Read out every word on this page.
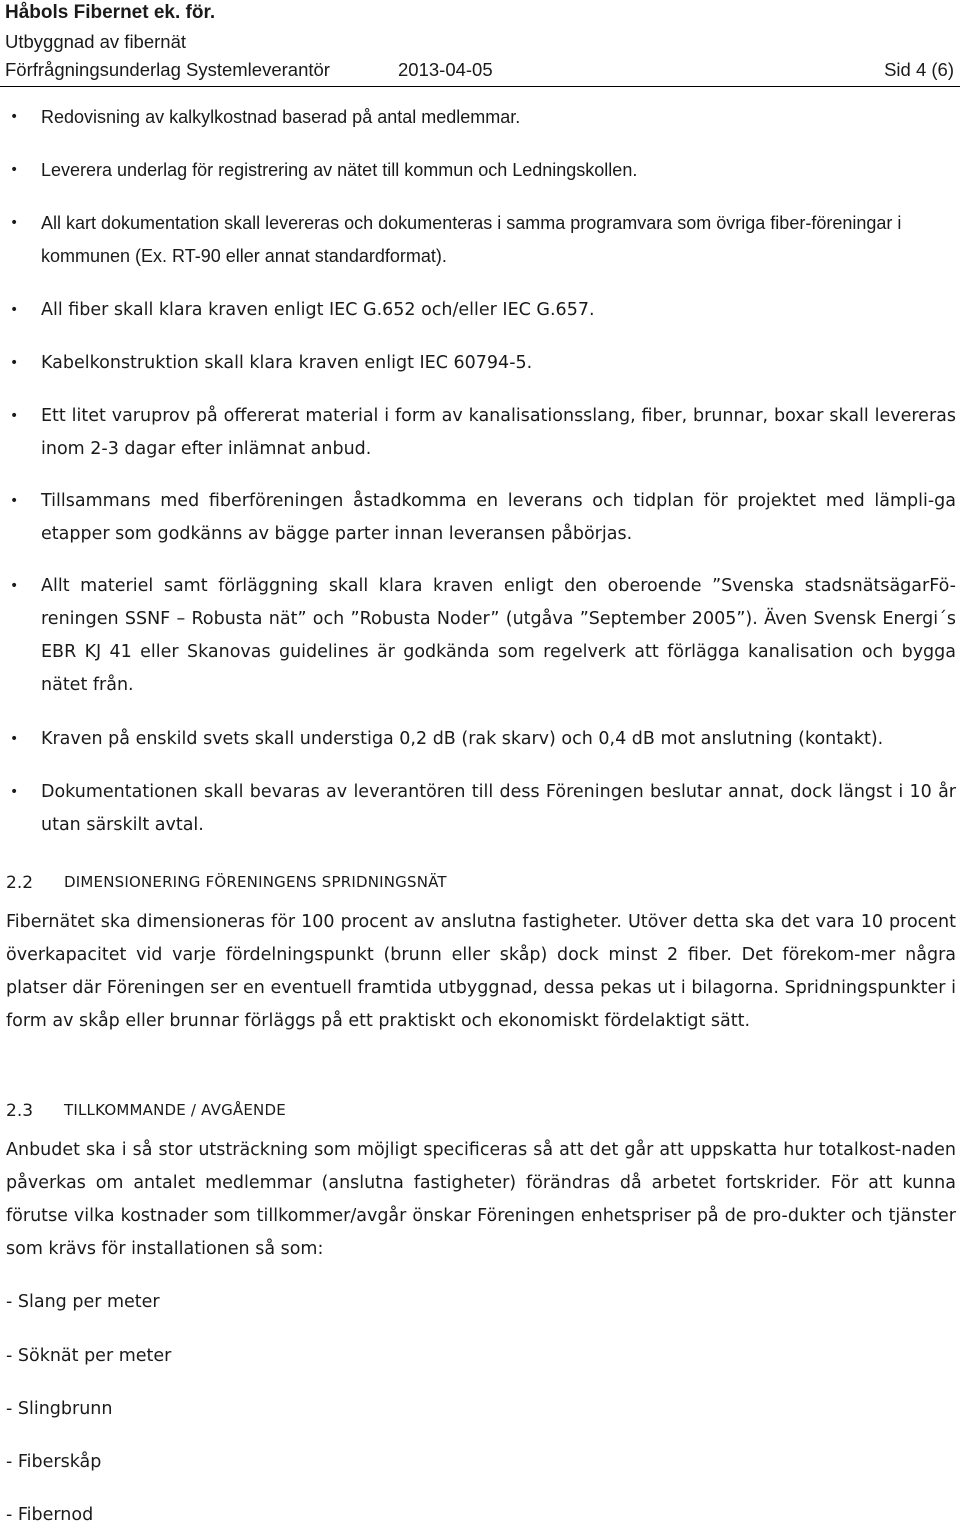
Håbols Fibernet ek. för.
Utbyggnad av fibernät
Förfrågningsunderlag Systemleverantör	2013-04-05	Sid 4 (6)
• Redovisning av kalkylkostnad baserad på antal medlemmar.
• Leverera underlag för registrering av nätet till kommun och Ledningskollen.
• All kart dokumentation skall levereras och dokumenteras i samma programvara som övriga fiber-föreningar i kommunen (Ex. RT-90 eller annat standardformat).
• All fiber skall klara kraven enligt IEC G.652 och/eller IEC G.657.
• Kabelkonstruktion skall klara kraven enligt IEC 60794-5.
• Ett litet varuprov på offererat material i form av kanalisationsslang, fiber, brunnar, boxar skall levereras inom 2-3 dagar efter inlämnat anbud.
• Tillsammans med fiberföreningen åstadkomma en leverans och tidplan för projektet med lämpli-ga etapper som godkänns av bägge parter innan leveransen påbörjas.
• Allt materiel samt förläggning skall klara kraven enligt den oberoende ”Svenska stadsnätsägarFö-reningen SSNF – Robusta nät” och ”Robusta Noder” (utgåva ”September 2005”). Även Svensk Energi´s EBR KJ 41 eller Skanovas guidelines är godkända som regelverk att förlägga kanalisation och bygga nätet från.
• Kraven på enskild svets skall understiga 0,2 dB (rak skarv) och 0,4 dB mot anslutning (kontakt).
• Dokumentationen skall bevaras av leverantören till dess Föreningen beslutar annat, dock längst i 10 år utan särskilt avtal.
2.2 DIMENSIONERING FÖRENINGENS SPRIDNINGSNÄT
Fibernätet ska dimensioneras för 100 procent av anslutna fastigheter. Utöver detta ska det vara 10 procent överkapacitet vid varje fördelningspunkt (brunn eller skåp) dock minst 2 fiber. Det förekom-mer några platser där Föreningen ser en eventuell framtida utbyggnad, dessa pekas ut i bilagorna. Spridningspunkter i form av skåp eller brunnar förläggs på ett praktiskt och ekonomiskt fördelaktigt sätt.
2.3 TILLKOMMANDE / AVGÅENDE
Anbudet ska i så stor utsträckning som möjligt specificeras så att det går att uppskatta hur totalkost-naden påverkas om antalet medlemmar (anslutna fastigheter) förändras då arbetet fortskrider. För att kunna förutse vilka kostnader som tillkommer/avgår önskar Föreningen enhetspriser på de pro-dukter och tjänster som krävs för installationen så som:
- Slang per meter
- Söknät per meter
- Slingbrunn
- Fiberskåp
- Fibernod
